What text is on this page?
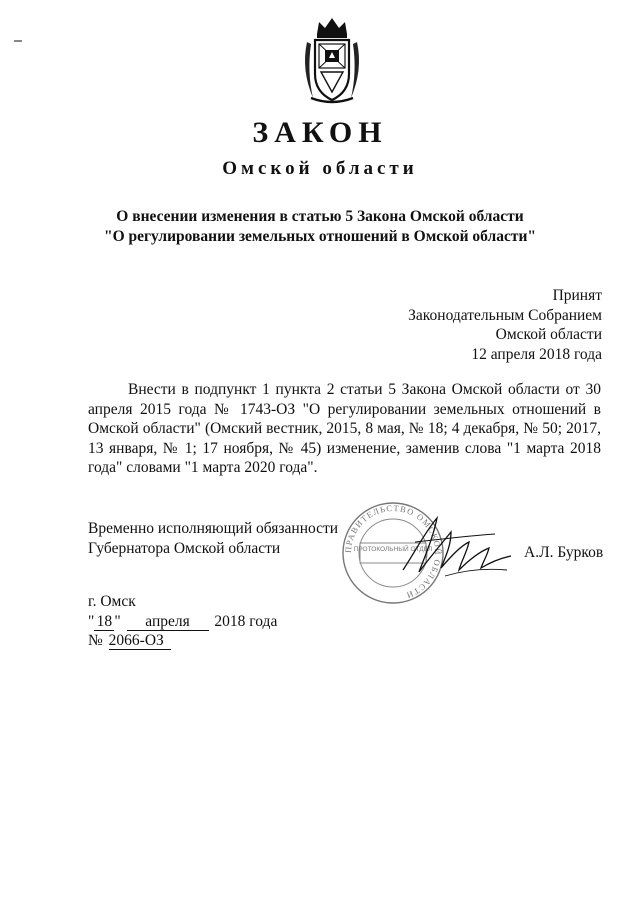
ЗАКОН
Омской области
О внесении изменения в статью 5 Закона Омской области
"О регулировании земельных отношений в Омской области"
Принят
Законодательным Собранием
Омской области
12 апреля 2018 года

Внести в подпункт 1 пункта 2 статьи 5 Закона Омской области от 30 апреля 2015 года № 1743-ОЗ "О регулировании земельных отношений в Омской области" (Омский вестник, 2015, 8 мая, № 18; 4 декабря, № 50; 2017, 13 января, № 1; 17 ноября, № 45) изменение, заменив слова "1 марта 2018 года" словами "1 марта 2020 года".

Временно исполняющий обязанности
Губернатора Омской области	ПРАВИТЕЛЬСТВО ОМСКОЙ ОБЛАСТИ
ПРОТОКОЛЬНЫЙ ОТДЕЛ	А.Л. Бурков
г. Омск
" 18 " апреля 2018 года
№ 2066-ОЗ
